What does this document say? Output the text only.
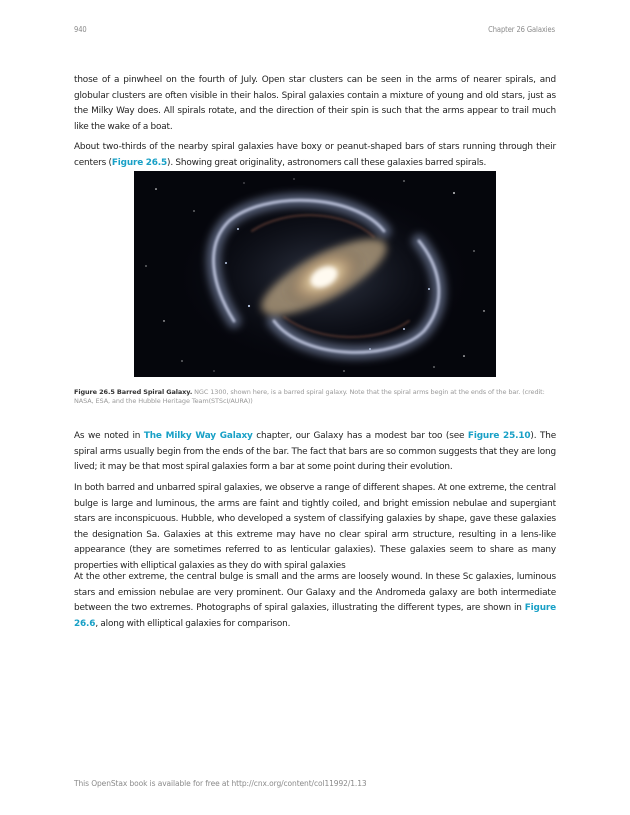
940	Chapter 26 Galaxies

those of a pinwheel on the fourth of July. Open star clusters can be seen in the arms of nearer spirals, and globular clusters are often visible in their halos. Spiral galaxies contain a mixture of young and old stars, just as the Milky Way does. All spirals rotate, and the direction of their spin is such that the arms appear to trail much like the wake of a boat.

About two-thirds of the nearby spiral galaxies have boxy or peanut-shaped bars of stars running through their centers (Figure 26.5). Showing great originality, astronomers call these galaxies barred spirals.

Figure 26.5 Barred Spiral Galaxy. NGC 1300, shown here, is a barred spiral galaxy. Note that the spiral arms begin at the ends of the bar. (credit: NASA, ESA, and the Hubble Heritage Team(STScI/AURA))

As we noted in The Milky Way Galaxy chapter, our Galaxy has a modest bar too (see Figure 25.10). The spiral arms usually begin from the ends of the bar. The fact that bars are so common suggests that they are long lived; it may be that most spiral galaxies form a bar at some point during their evolution.

In both barred and unbarred spiral galaxies, we observe a range of different shapes. At one extreme, the central bulge is large and luminous, the arms are faint and tightly coiled, and bright emission nebulae and supergiant stars are inconspicuous. Hubble, who developed a system of classifying galaxies by shape, gave these galaxies the designation Sa. Galaxies at this extreme may have no clear spiral arm structure, resulting in a lens-like appearance (they are sometimes referred to as lenticular galaxies). These galaxies seem to share as many properties with elliptical galaxies as they do with spiral galaxies

At the other extreme, the central bulge is small and the arms are loosely wound. In these Sc galaxies, luminous stars and emission nebulae are very prominent. Our Galaxy and the Andromeda galaxy are both intermediate between the two extremes. Photographs of spiral galaxies, illustrating the different types, are shown in Figure 26.6, along with elliptical galaxies for comparison.

This OpenStax book is available for free at http://cnx.org/content/col11992/1.13
